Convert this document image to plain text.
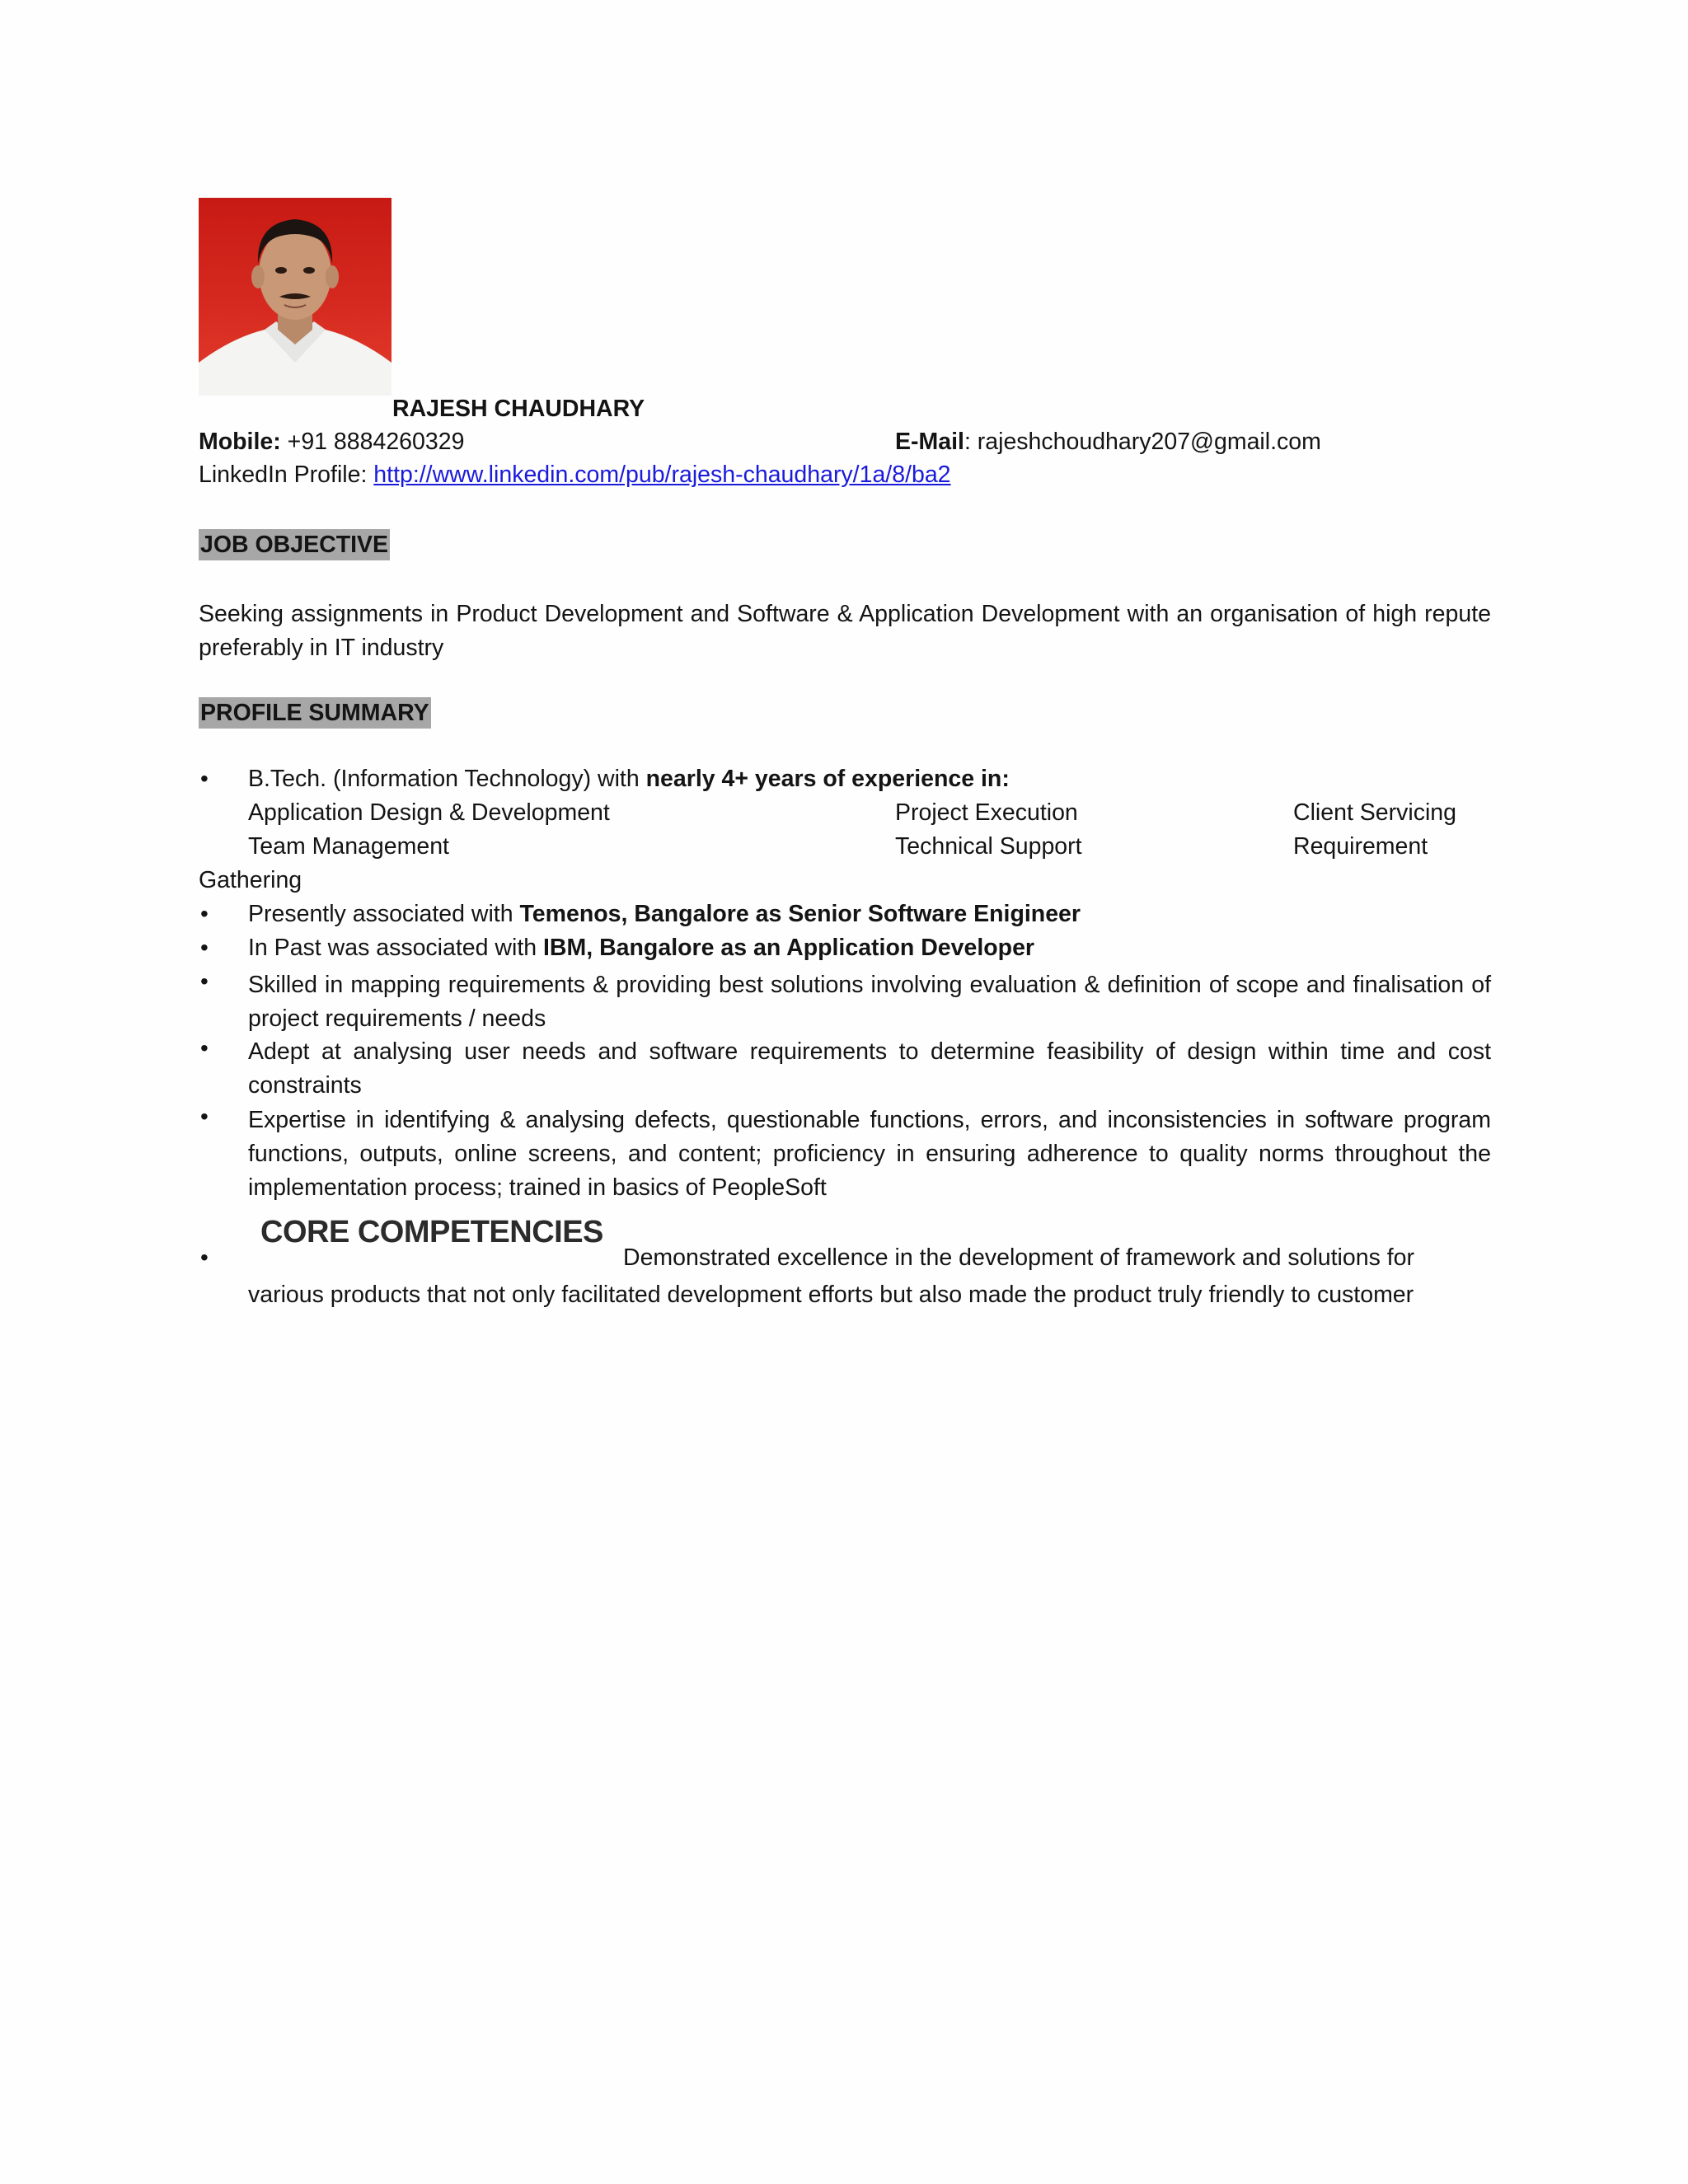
RAJESH CHAUDHARY
Mobile: +91 8884260329	E-Mail: rajeshchoudhary207@gmail.com
LinkedIn Profile: http://www.linkedin.com/pub/rajesh-chaudhary/1a/8/ba2
JOB OBJECTIVE
Seeking assignments in Product Development and Software & Application Development with an organisation of high repute preferably in IT industry
PROFILE SUMMARY
• B.Tech. (Information Technology) with nearly 4+ years of experience in:
Application Design & Development	Project Execution	Client Servicing
Team Management	Technical Support	Requirement
Gathering
• Presently associated with Temenos, Bangalore as Senior Software Enigineer
• In Past was associated with IBM, Bangalore as an Application Developer
• Skilled in mapping requirements & providing best solutions involving evaluation & definition of scope and finalisation of project requirements / needs
• Adept at analysing user needs and software requirements to determine feasibility of design within time and cost constraints
• Expertise in identifying & analysing defects, questionable functions, errors, and inconsistencies in software program functions, outputs, online screens, and content; proficiency in ensuring adherence to quality norms throughout the implementation process; trained in basics of PeopleSoft
CORE COMPETENCIES
•	Demonstrated excellence in the development of framework and solutions for
various products that not only facilitated development efforts but also made the product truly friendly to customer
